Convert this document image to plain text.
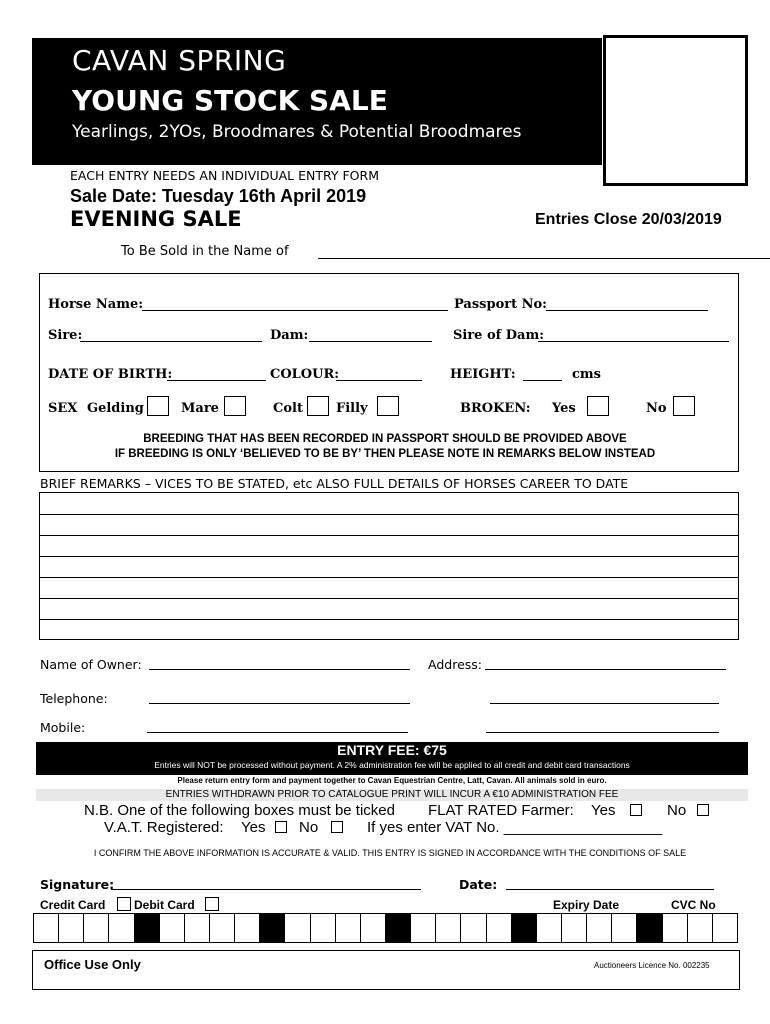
CAVAN SPRING
YOUNG STOCK SALE
Yearlings, 2YOs, Broodmares & Potential Broodmares
EACH ENTRY NEEDS AN INDIVIDUAL ENTRY FORM
Sale Date: Tuesday 16th April 2019
EVENING SALE	Entries Close 20/03/2019
To Be Sold in the Name of
Horse Name:	Passport No:
Sire:	Dam:	Sire of Dam:
DATE OF BIRTH:	COLOUR:	HEIGHT:	cms
SEX Gelding	Mare	Colt	Filly	BROKEN: Yes	No
BREEDING THAT HAS BEEN RECORDED IN PASSPORT SHOULD BE PROVIDED ABOVE
IF BREEDING IS ONLY ‘BELIEVED TO BE BY’ THEN PLEASE NOTE IN REMARKS BELOW INSTEAD
BRIEF REMARKS – VICES TO BE STATED, etc ALSO FULL DETAILS OF HORSES CAREER TO DATE
Name of Owner:	Address:
Telephone:
Mobile:
ENTRY FEE: €75
Entries will NOT be processed without payment. A 2% administration fee will be applied to all credit and debit card transactions
Please return entry form and payment together to Cavan Equestrian Centre, Latt, Cavan. All animals sold in euro.
ENTRIES WITHDRAWN PRIOR TO CATALOGUE PRINT WILL INCUR A €10 ADMINISTRATION FEE
N.B. One of the following boxes must be ticked FLAT RATED Farmer: Yes	No
V.A.T. Registered: Yes No	If yes enter VAT No. ___________________
I CONFIRM THE ABOVE INFORMATION IS ACCURATE & VALID. THIS ENTRY IS SIGNED IN ACCORDANCE WITH THE CONDITIONS OF SALE
Signature:	Date:
Credit Card Debit Card	Expiry Date	CVC No
Office Use Only	Auctioneers Licence No. 002235
